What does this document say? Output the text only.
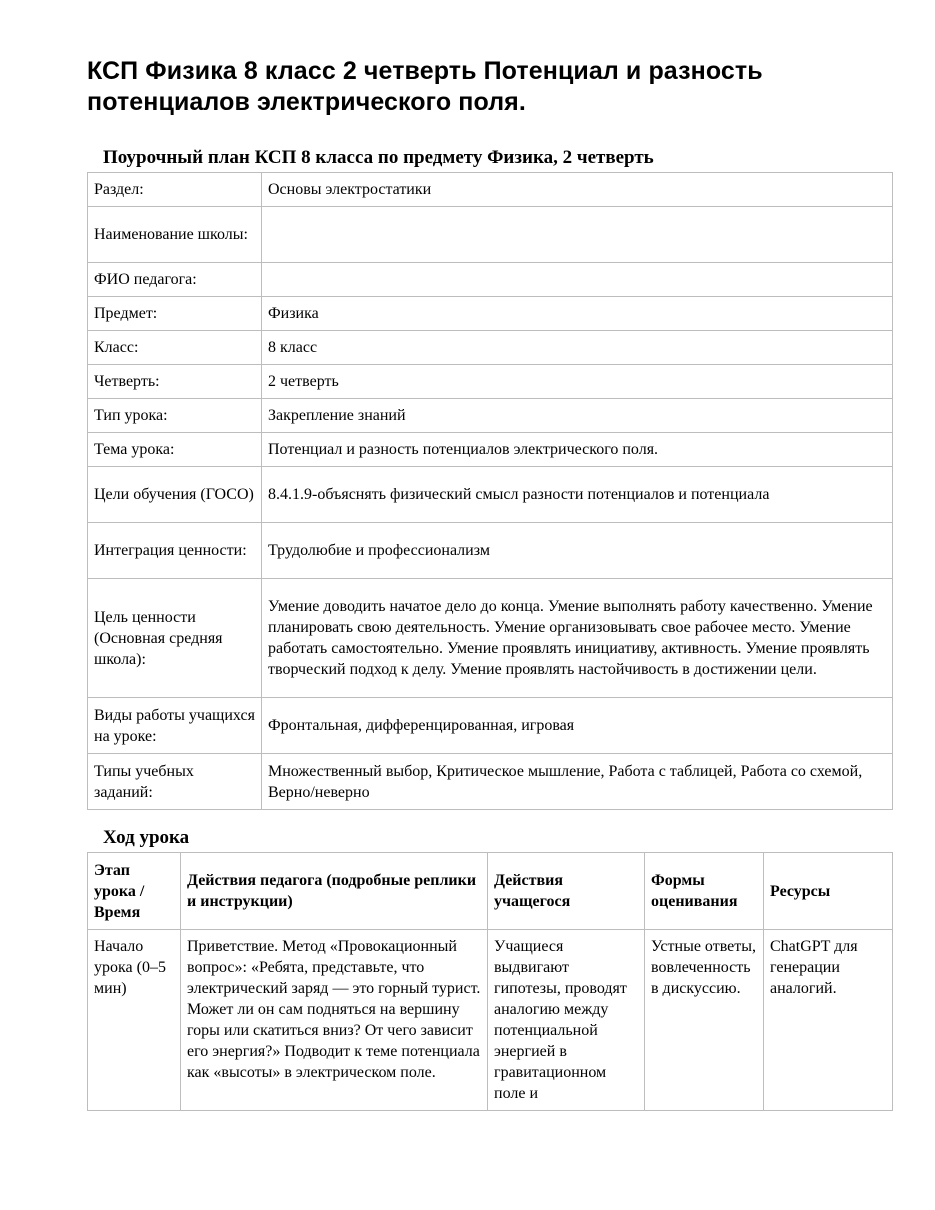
КСП Физика 8 класс 2 четверть Потенциал и разность потенциалов электрического поля.
Поурочный план КСП 8 класса по предмету Физика, 2 четверть
Раздел:	Основы электростатики
Наименование школы:	
ФИО педагога:	
Предмет:	Физика
Класс:	8 класс
Четверть:	2 четверть
Тип урока:	Закрепление знаний
Тема урока:	Потенциал и разность потенциалов электрического поля.
Цели обучения (ГОСО)	8.4.1.9-объяснять физический смысл разности потенциалов и потенциала
Интеграция ценности:	Трудолюбие и профессионализм
Цель ценности (Основная средняя школа):	Умение доводить начатое дело до конца. Умение выполнять работу качественно. Умение планировать свою деятельность. Умение организовывать свое рабочее место. Умение работать самостоятельно. Умение проявлять инициативу, активность. Умение проявлять творческий подход к делу. Умение проявлять настойчивость в достижении цели.
Виды работы учащихся на уроке:	Фронтальная, дифференцированная, игровая
Типы учебных заданий:	Множественный выбор, Критическое мышление, Работа с таблицей, Работа со схемой, Верно/неверно
Ход урока
Этап урока / Время	Действия педагога (подробные реплики и инструкции)	Действия учащегося	Формы оценивания	Ресурсы
Начало урока (0–5 мин)	Приветствие. Метод «Провокационный вопрос»: «Ребята, представьте, что электрический заряд — это горный турист. Может ли он сам подняться на вершину горы или скатиться вниз? От чего зависит его энергия?» Подводит к теме потенциала как «высоты» в электрическом поле.	Учащиеся выдвигают гипотезы, проводят аналогию между потенциальной энергией в гравитационном поле и	Устные ответы, вовлеченность в дискуссию.	ChatGPT для генерации аналогий.
